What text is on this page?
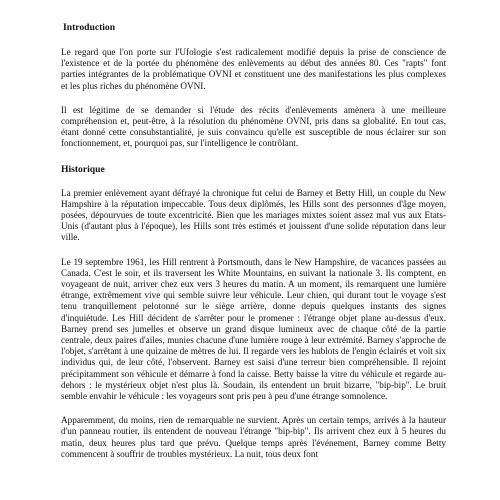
Introduction

Le regard que l'on porte sur l'Ufologie s'est radicalement modifié depuis la prise de conscience de l'existence et de la portée du phénomène des enlèvements au début des années 80. Ces "rapts" font parties intégrantes de la problématique OVNI et constituent une des manifestations les plus complexes et les plus riches du phénomène OVNI.

Il est légitime de se demander si l'étude des récits d'enlèvements amènera à une meilleure compréhension et, peut-être, à la résolution du phénomène OVNI, pris dans sa globalité. En tout cas, étant donné cette consubstantialité, je suis convaincu qu'elle est susceptible de nous éclairer sur son fonctionnement, et, pourquoi pas, sur l'intelligence le contrôlant.

Historique

La premier enlèvement ayant défrayé la chronique fut celui de Barney et Betty Hill, un couple du New Hampshire à la réputation impeccable. Tous deux diplômés, les Hills sont des personnes d'âge moyen, posées, dépourvues de toute excentricité. Bien que les mariages mixtes soient assez mal vus aux Etats-Unis (d'autant plus à l'époque), les Hills sont très estimés et jouissent d'une solide réputation dans leur ville.

Le 19 septembre 1961, les Hill rentrent à Portsmouth, dans le New Hampshire, de vacances passées au Canada. C'est le soir, et ils traversent les White Mountains, en suivant la nationale 3. Ils comptent, en voyageant de nuit, arriver chez eux vers 3 heures du matin. A un moment, ils remarquent une lumière étrange, extrêmement vive qui semble suivre leur véhicule. Leur chien, qui durant tout le voyage s'est tenu tranquillement pelotonné sur le siège arrière, donne depuis quelques instants des signes d'inquiétude. Les Hill décident de s'arrêter pour le promener : l'étrange objet plane au-dessus d'eux. Barney prend ses jumelles et observe un grand disque lumineux avec de chaque côté de la partie centrale, deux paires d'ailes, munies chacune d'une lumière rouge à leur extrémité. Barney s'approche de l'objet, s'arrêtant à une quizaine de mètres de lui. Il regarde vers les hublots de l'engin éclairés et voit six individus qui, de leur côté, l'observent. Barney est saisi d'une terreur bien compréhensible. Il rejoint précipitamment son véhicule et démarre à fond la caisse. Betty baisse la vitre du véhicule et regarde au-dehors : le mystérieux objet n'est plus là. Soudain, ils entendent un bruit bizarre, "bip-bip". Le bruit semble envahir le véhicule : les voyageurs sont pris peu à peu d'une étrange somnolence.

Apparemment, du moins, rien de remarquable ne survient. Après un certain temps, arrivés à la hauteur d'un panneau routier, ils entendent de nouveau l'étrange "bip-bip". Ils arrivent chez eux à 5 heures du matin, deux heures plus tard que prévu. Quelque temps après l'événement, Barney comme Betty commencent à souffrir de troubles mystérieux. La nuit, tous deux font
